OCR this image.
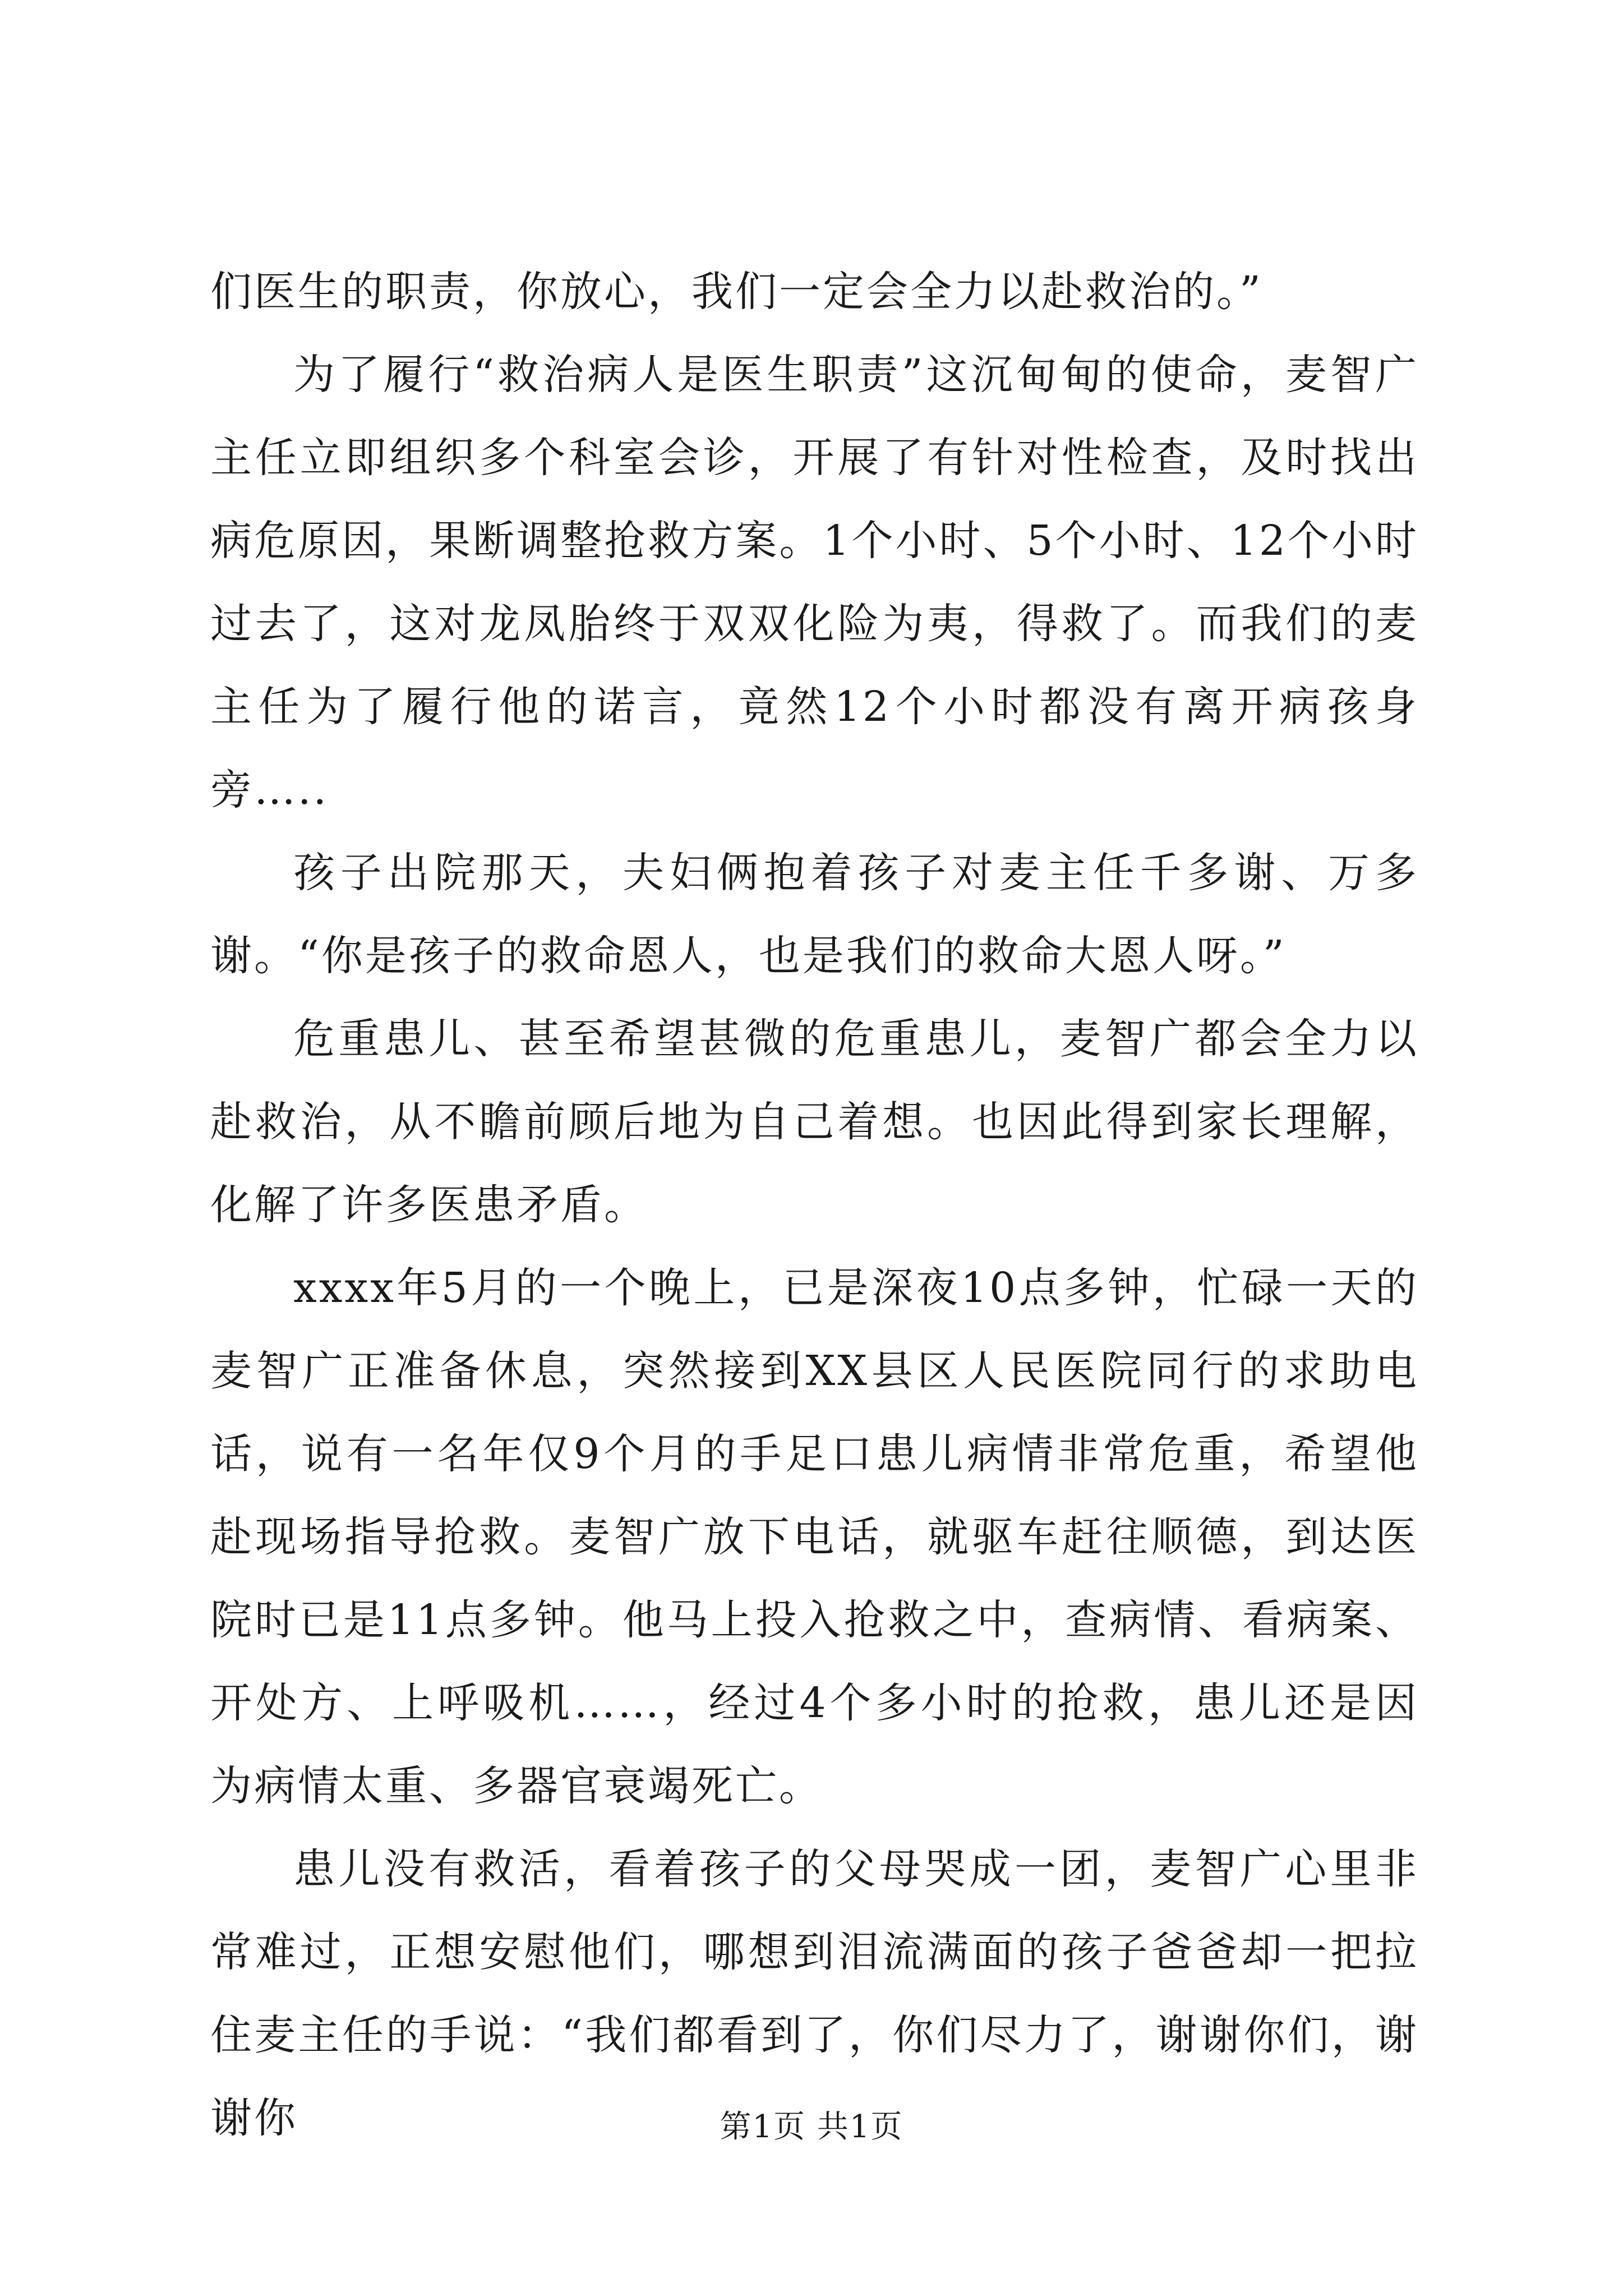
们医生的职责，你放心，我们一定会全力以赴救治的。”

为了履行“救治病人是医生职责”这沉甸甸的使命，麦智广主任立即组织多个科室会诊，开展了有针对性检查，及时找出病危原因，果断调整抢救方案。1个小时、5个小时、12个小时过去了，这对龙凤胎终于双双化险为夷，得救了。而我们的麦主任为了履行他的诺言，竟然12个小时都没有离开病孩身旁…..

孩子出院那天，夫妇俩抱着孩子对麦主任千多谢、万多谢。“你是孩子的救命恩人，也是我们的救命大恩人呀。”

危重患儿、甚至希望甚微的危重患儿，麦智广都会全力以赴救治，从不瞻前顾后地为自己着想。也因此得到家长理解，化解了许多医患矛盾。

xxxx年5月的一个晚上，已是深夜10点多钟，忙碌一天的麦智广正准备休息，突然接到XX县区人民医院同行的求助电话，说有一名年仅9个月的手足口患儿病情非常危重，希望他赴现场指导抢救。麦智广放下电话，就驱车赶往顺德，到达医院时已是11点多钟。他马上投入抢救之中，查病情、看病案、开处方、上呼吸机……，经过4个多小时的抢救，患儿还是因为病情太重、多器官衰竭死亡。

患儿没有救活，看着孩子的父母哭成一团，麦智广心里非常难过，正想安慰他们，哪想到泪流满面的孩子爸爸却一把拉住麦主任的手说：“我们都看到了，你们尽力了，谢谢你们，谢谢你	第1页 共1页
